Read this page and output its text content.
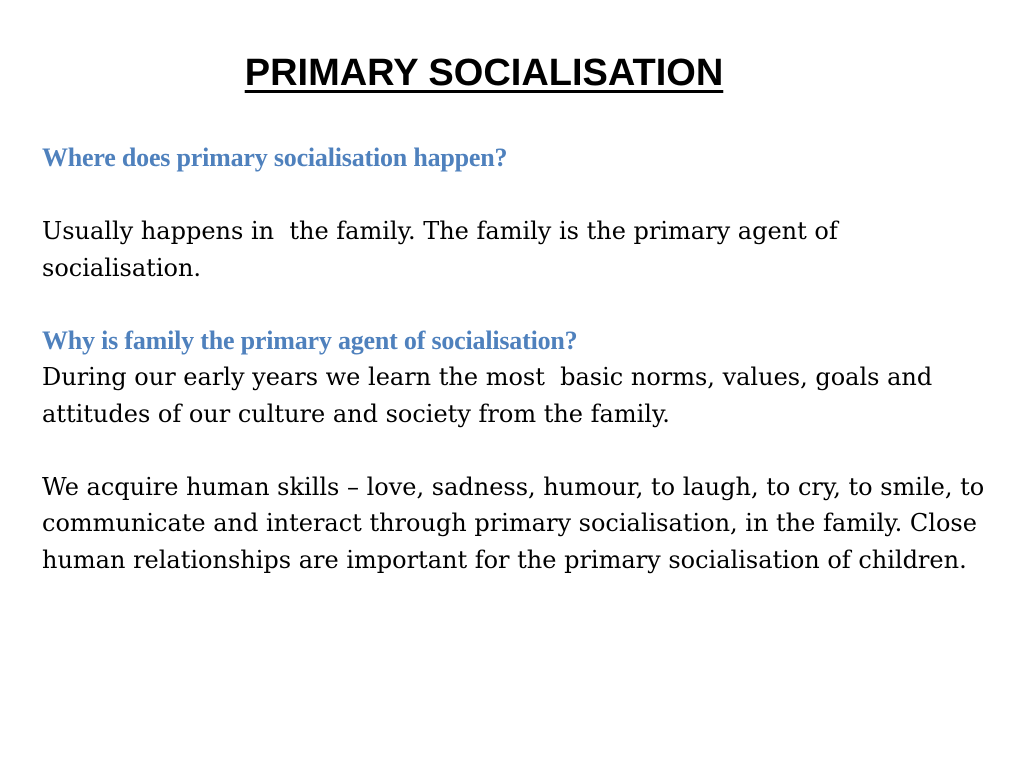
PRIMARY SOCIALISATION
Where does primary socialisation happen?
Usually happens in  the family. The family is the primary agent of socialisation.
Why is family the primary agent of socialisation?
During our early years we learn the most  basic norms, values, goals and attitudes of our culture and society from the family.
We acquire human skills – love, sadness, humour, to laugh, to cry, to smile, to communicate and interact through primary socialisation, in the family. Close human relationships are important for the primary socialisation of children.
